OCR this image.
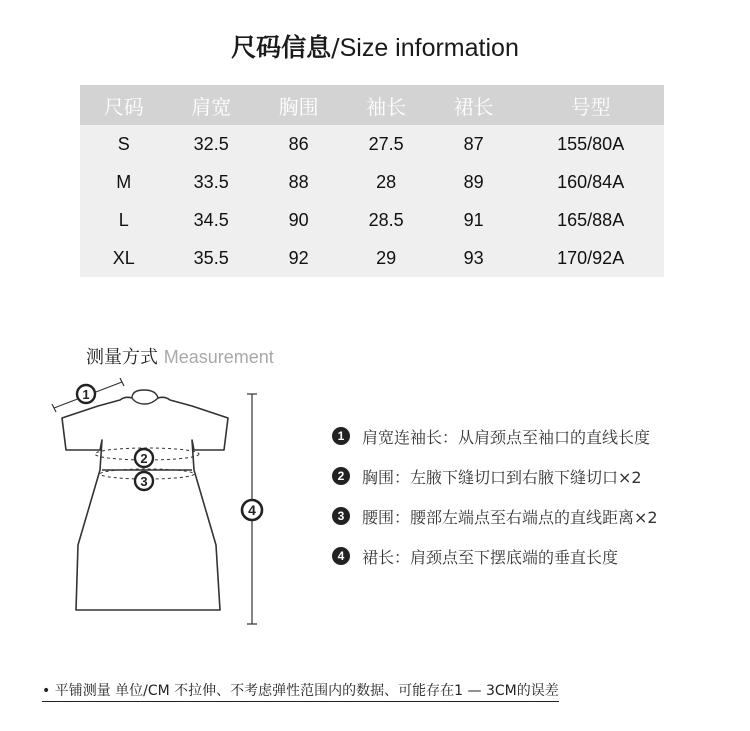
尺码信息/Size information
尺码	肩宽	胸围	袖长	裙长	号型
S	32.5	86	27.5	87	155/80A
M	33.5	88	28	89	160/84A
L	34.5	90	28.5	91	165/88A
XL	35.5	92	29	93	170/92A
测量方式 Measurement
1
2
3
4
1	肩宽连袖长：从肩颈点至袖口的直线长度
2	胸围：左腋下缝切口到右腋下缝切口×2
3	腰围：腰部左端点至右端点的直线距离×2
4	裙长：肩颈点至下摆底端的垂直长度
• 平铺测量 单位/CM 不拉伸、不考虑弹性范围内的数据、可能存在1 — 3CM的误差
